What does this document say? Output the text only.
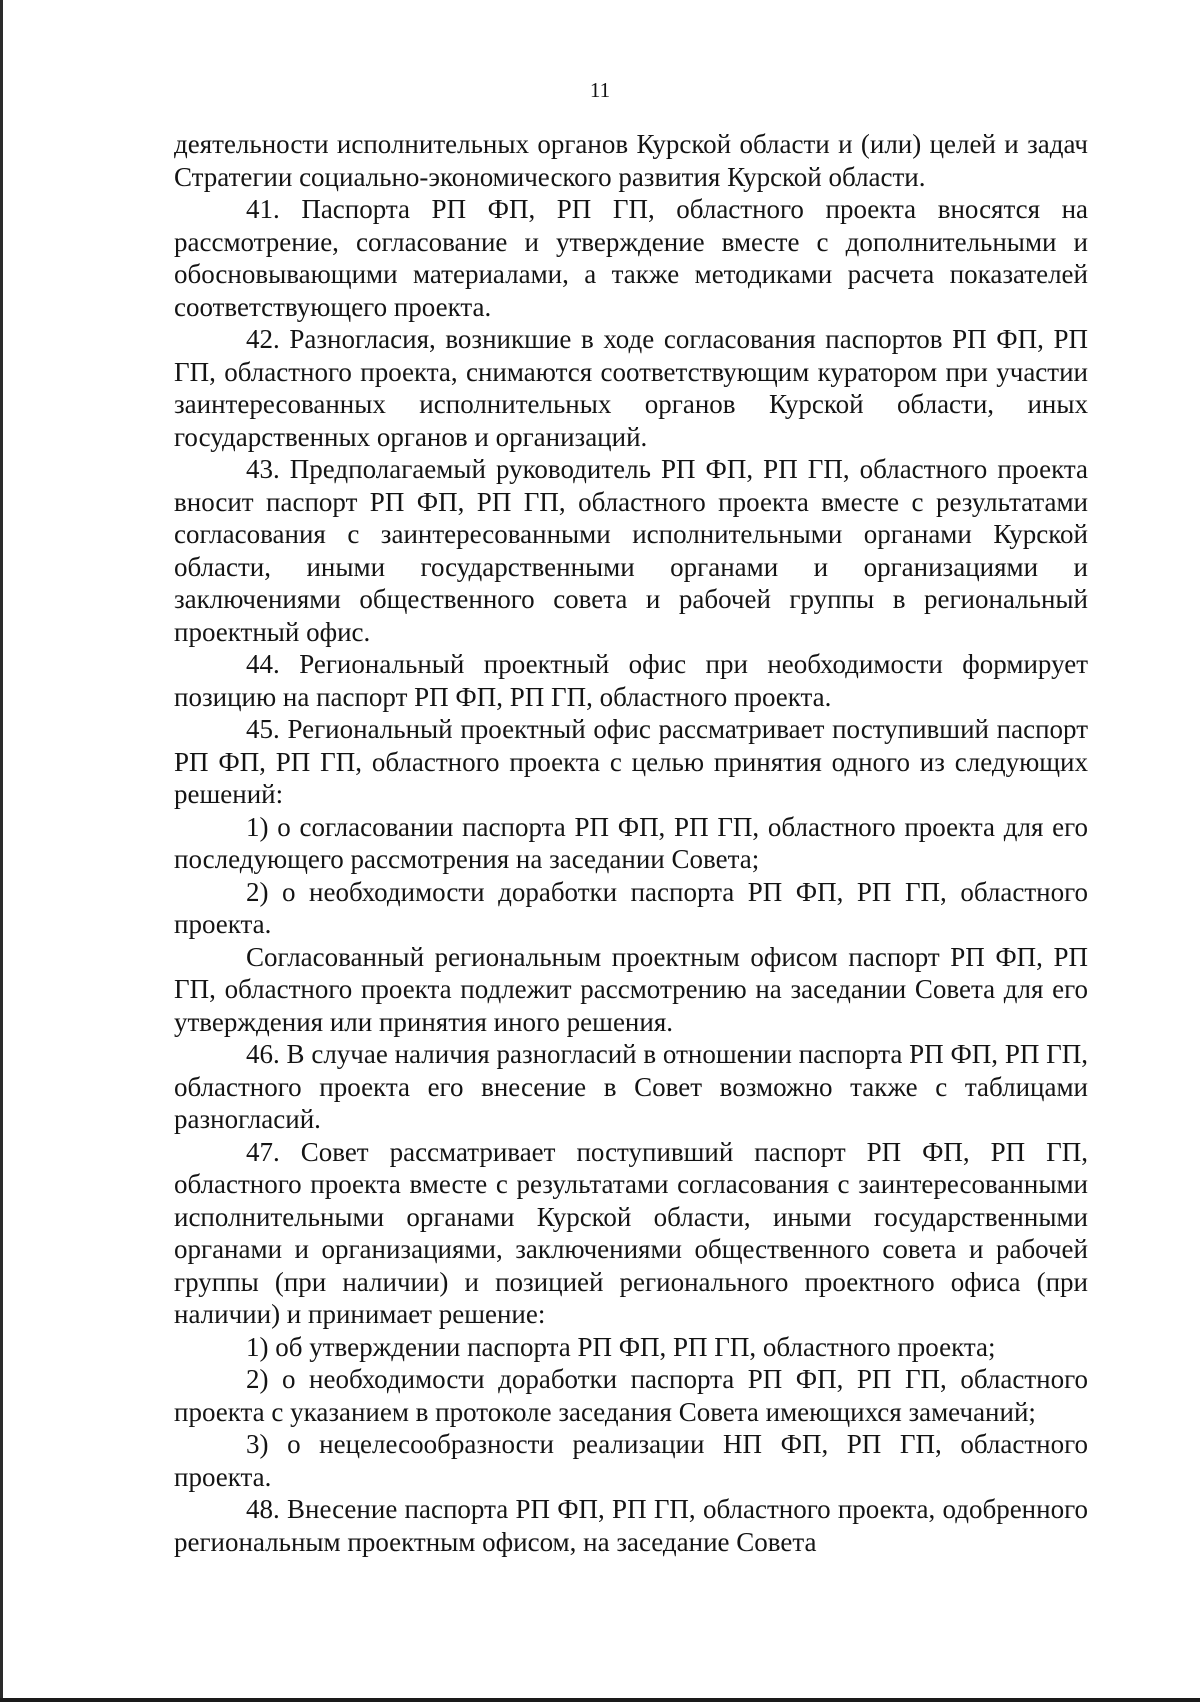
11

деятельности исполнительных органов Курской области и (или) целей и задач Стратегии социально-экономического развития Курской области.

41. Паспорта РП ФП, РП ГП, областного проекта вносятся на рассмотрение, согласование и утверждение вместе с дополнительными и обосновывающими материалами, а также методиками расчета показателей соответствующего проекта.

42. Разногласия, возникшие в ходе согласования паспортов РП ФП, РП ГП, областного проекта, снимаются соответствующим куратором при участии заинтересованных исполнительных органов Курской области, иных государственных органов и организаций.

43. Предполагаемый руководитель РП ФП, РП ГП, областного проекта вносит паспорт РП ФП, РП ГП, областного проекта вместе с результатами согласования с заинтересованными исполнительными органами Курской области, иными государственными органами и организациями и заключениями общественного совета и рабочей группы в региональный проектный офис.

44. Региональный проектный офис при необходимости формирует позицию на паспорт РП ФП, РП ГП, областного проекта.

45. Региональный проектный офис рассматривает поступивший паспорт РП ФП, РП ГП, областного проекта с целью принятия одного из следующих решений:

1) о согласовании паспорта РП ФП, РП ГП, областного проекта для его последующего рассмотрения на заседании Совета;

2) о необходимости доработки паспорта РП ФП, РП ГП, областного проекта.

Согласованный региональным проектным офисом паспорт РП ФП, РП ГП, областного проекта подлежит рассмотрению на заседании Совета для его утверждения или принятия иного решения.

46. В случае наличия разногласий в отношении паспорта РП ФП, РП ГП, областного проекта его внесение в Совет возможно также с таблицами разногласий.

47. Совет рассматривает поступивший паспорт РП ФП, РП ГП, областного проекта вместе с результатами согласования с заинтересованными исполнительными органами Курской области, иными государственными органами и организациями, заключениями общественного совета и рабочей группы (при наличии) и позицией регионального проектного офиса (при наличии) и принимает решение:

1) об утверждении паспорта РП ФП, РП ГП, областного проекта;

2) о необходимости доработки паспорта РП ФП, РП ГП, областного проекта с указанием в протоколе заседания Совета имеющихся замечаний;

3) о нецелесообразности реализации НП ФП, РП ГП, областного проекта.

48. Внесение паспорта РП ФП, РП ГП, областного проекта, одобренного региональным проектным офисом, на заседание Совета
